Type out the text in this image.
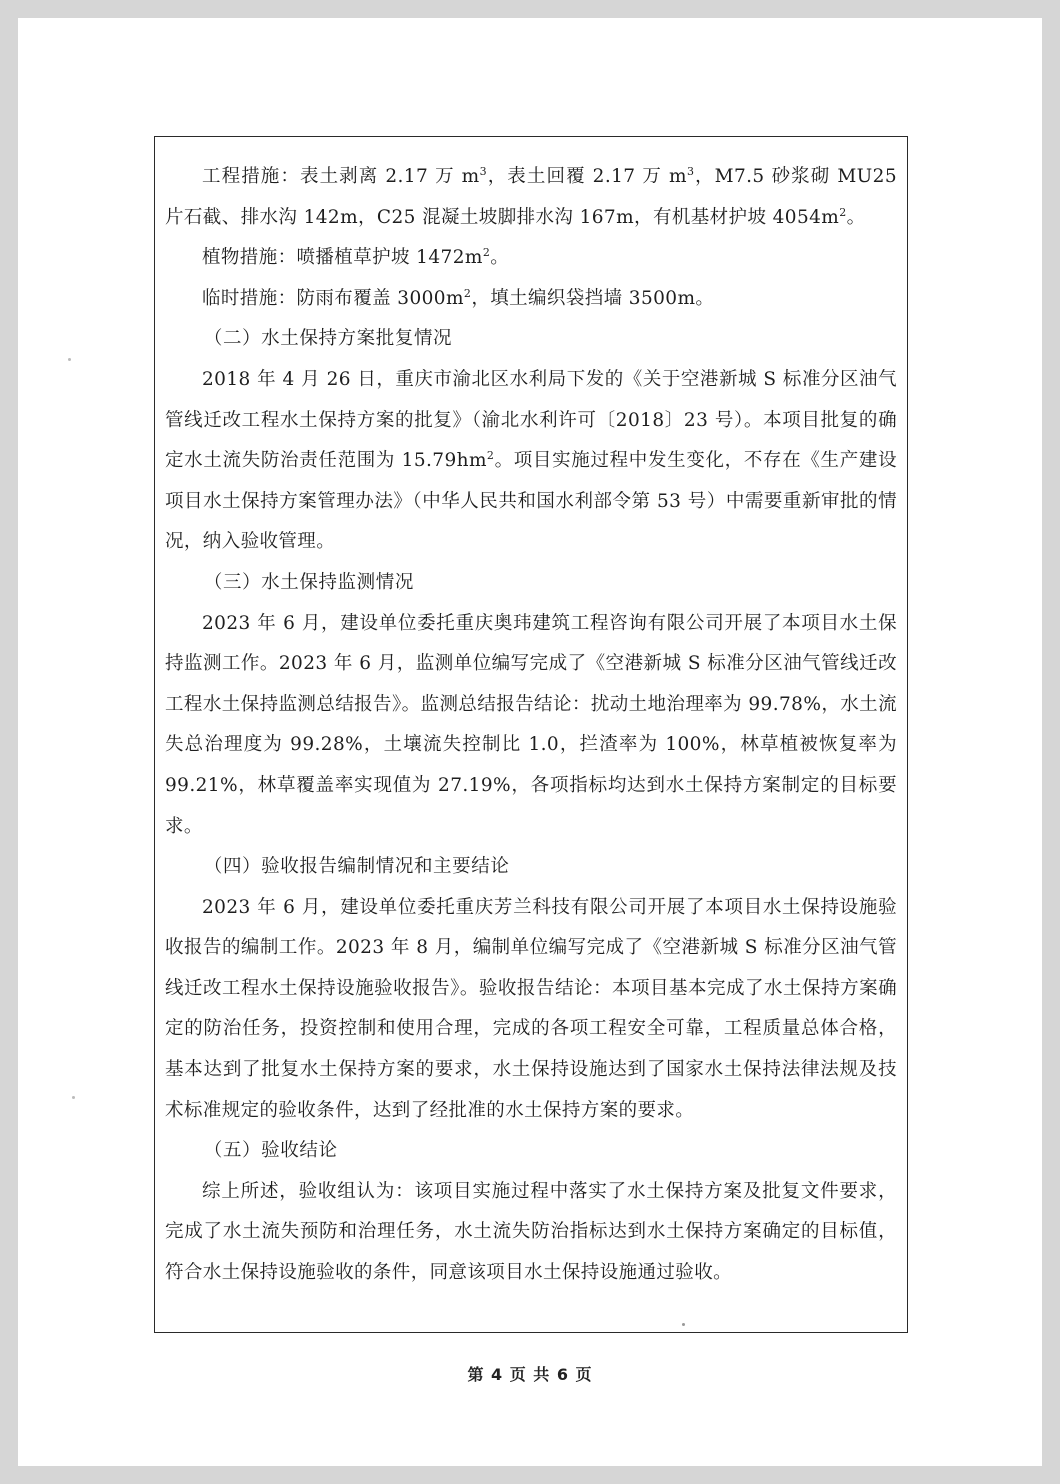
工程措施：表土剥离 2.17 万 $m^3$，表土回覆 2.17 万 $m^3$，M7.5 砂浆砌 MU25 片石截、排水沟 142m，C25 混凝土坡脚排水沟 167m，有机基材护坡 $4054m^2$。

植物措施：喷播植草护坡 $1472m^2$。

临时措施：防雨布覆盖 $3000m^2$，填土编织袋挡墙 3500m。

（二）水土保持方案批复情况

2018 年 4 月 26 日，重庆市渝北区水利局下发的《关于空港新城 S 标准分区油气管线迁改工程水土保持方案的批复》（渝北水利许可〔2018〕23 号）。本项目批复的确定水土流失防治责任范围为 $15.79hm^2$。项目实施过程中发生变化，不存在《生产建设项目水土保持方案管理办法》（中华人民共和国水利部令第 53 号）中需要重新审批的情况，纳入验收管理。

（三）水土保持监测情况

2023 年 6 月，建设单位委托重庆奥玮建筑工程咨询有限公司开展了本项目水土保持监测工作。2023 年 6 月，监测单位编写完成了《空港新城 S 标准分区油气管线迁改工程水土保持监测总结报告》。监测总结报告结论：扰动土地治理率为 99.78%，水土流失总治理度为 99.28%，土壤流失控制比 1.0，拦渣率为 100%，林草植被恢复率为 99.21%，林草覆盖率实现值为 27.19%，各项指标均达到水土保持方案制定的目标要求。

（四）验收报告编制情况和主要结论

2023 年 6 月，建设单位委托重庆芳兰科技有限公司开展了本项目水土保持设施验收报告的编制工作。2023 年 8 月，编制单位编写完成了《空港新城 S 标准分区油气管线迁改工程水土保持设施验收报告》。验收报告结论：本项目基本完成了水土保持方案确定的防治任务，投资控制和使用合理，完成的各项工程安全可靠，工程质量总体合格，基本达到了批复水土保持方案的要求，水土保持设施达到了国家水土保持法律法规及技术标准规定的验收条件，达到了经批准的水土保持方案的要求。

（五）验收结论

综上所述，验收组认为：该项目实施过程中落实了水土保持方案及批复文件要求，完成了水土流失预防和治理任务，水土流失防治指标达到水土保持方案确定的目标值，符合水土保持设施验收的条件，同意该项目水土保持设施通过验收。

第 4 页 共 6 页
